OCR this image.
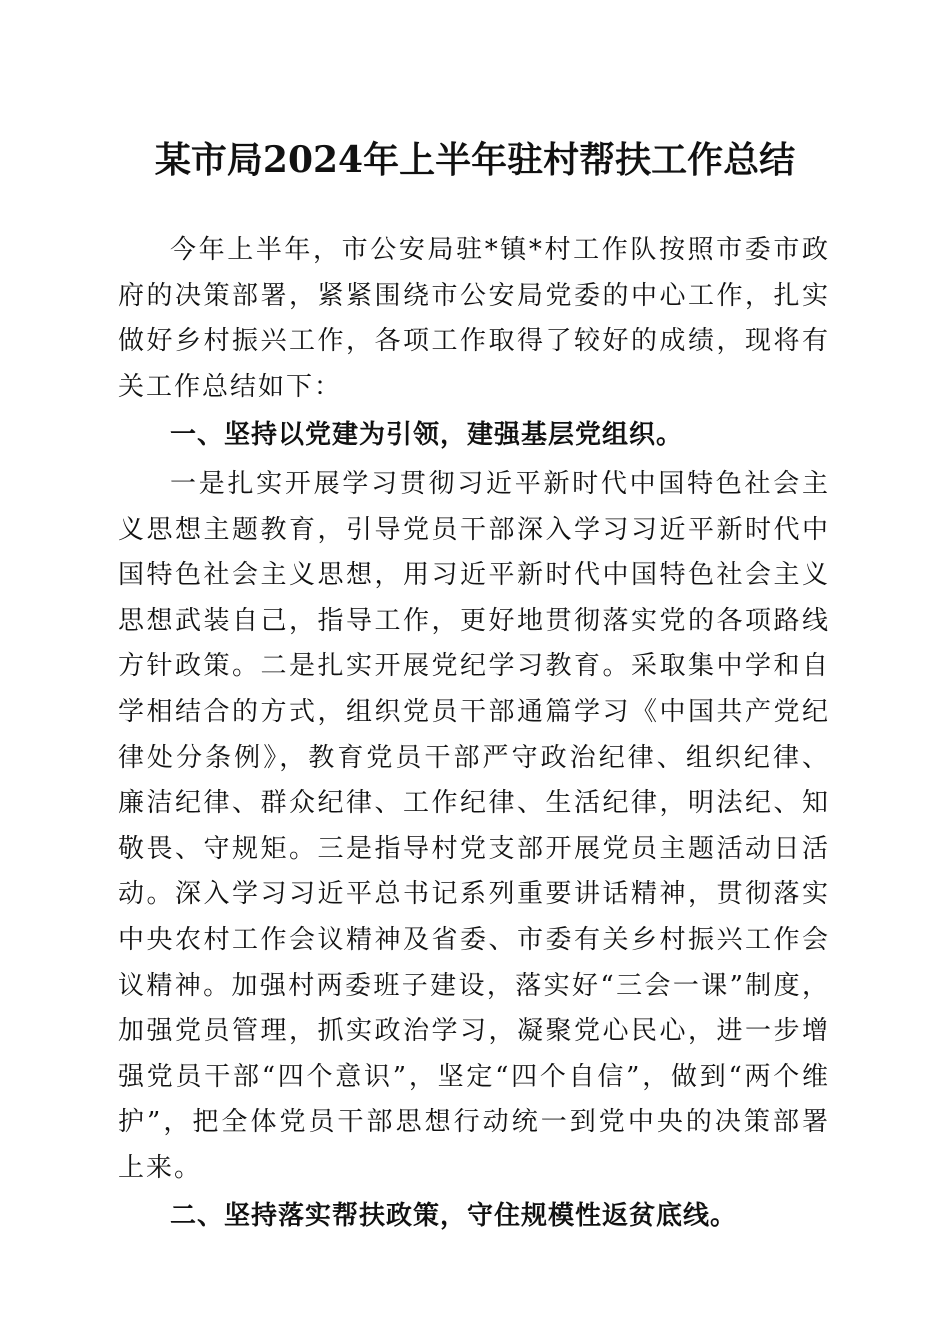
某市局2024年上半年驻村帮扶工作总结

今年上半年，市公安局驻*镇*村工作队按照市委市政府的决策部署，紧紧围绕市公安局党委的中心工作，扎实做好乡村振兴工作，各项工作取得了较好的成绩，现将有关工作总结如下：

一、坚持以党建为引领，建强基层党组织。

一是扎实开展学习贯彻习近平新时代中国特色社会主义思想主题教育，引导党员干部深入学习习近平新时代中国特色社会主义思想，用习近平新时代中国特色社会主义思想武装自己，指导工作，更好地贯彻落实党的各项路线方针政策。二是扎实开展党纪学习教育。采取集中学和自学相结合的方式，组织党员干部通篇学习《中国共产党纪律处分条例》，教育党员干部严守政治纪律、组织纪律、廉洁纪律、群众纪律、工作纪律、生活纪律，明法纪、知敬畏、守规矩。三是指导村党支部开展党员主题活动日活动。深入学习习近平总书记系列重要讲话精神，贯彻落实中央农村工作会议精神及省委、市委有关乡村振兴工作会议精神。加强村两委班子建设，落实好“三会一课”制度，加强党员管理，抓实政治学习，凝聚党心民心，进一步增强党员干部“四个意识”，坚定“四个自信”，做到“两个维护”，把全体党员干部思想行动统一到党中央的决策部署上来。

二、坚持落实帮扶政策，守住规模性返贫底线。
